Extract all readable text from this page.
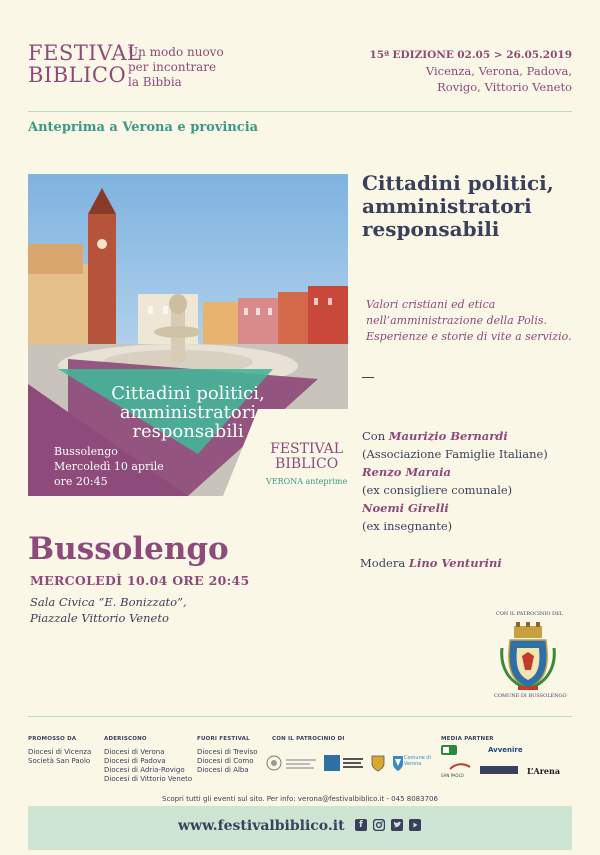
FESTIVAL
BIBLICO
Un modo nuovo
per incontrare
la Bibbia
15ª EDIZIONE 02.05 > 26.05.2019
Vicenza, Verona, Padova,
Rovigo, Vittorio Veneto
Anteprima a Verona e provincia
Cittadini politici,
amministratori
responsabili
Bussolengo
Mercoledì 10 aprile
ore 20:45
FESTIVAL
BIBLICO
VERONA anteprime
Cittadini politici,
amministratori
responsabili
Valori cristiani ed etica
nell’amministrazione della Polis.
Esperienze e storie di vite a servizio.
Con Maurizio Bernardi
(Associazione Famiglie Italiane)
Renzo Maraia
(ex consigliere comunale)
Noemi Girelli
(ex insegnante)
Modera Lino Venturini
Bussolengo
MERCOLEDÌ 10.04 ORE 20:45
Sala Civica “E. Bonizzato”,
Piazzale Vittorio Veneto	CON IL PATROCINIO DEL
COMUNE DI BUSSOLENGO
PROMOSSO DA
Diocesi di Vicenza
Società San Paolo
ADERISCONO
Diocesi di Verona
Diocesi di Padova
Diocesi di Adria-Rovigo
Diocesi di Vittorio Veneto
FUORI FESTIVAL
Diocesi di Treviso
Diocesi di Como
Diocesi di Alba
CON IL PATROCINIO DI
Comune di Verona
MEDIA PARTNER
Avvenire
SAN PAOLO	L’Arena
Scopri tutti gli eventi sul sito. Per info: verona@festivalbiblico.it - 045 8083706
www.festivalbiblico.it	f
